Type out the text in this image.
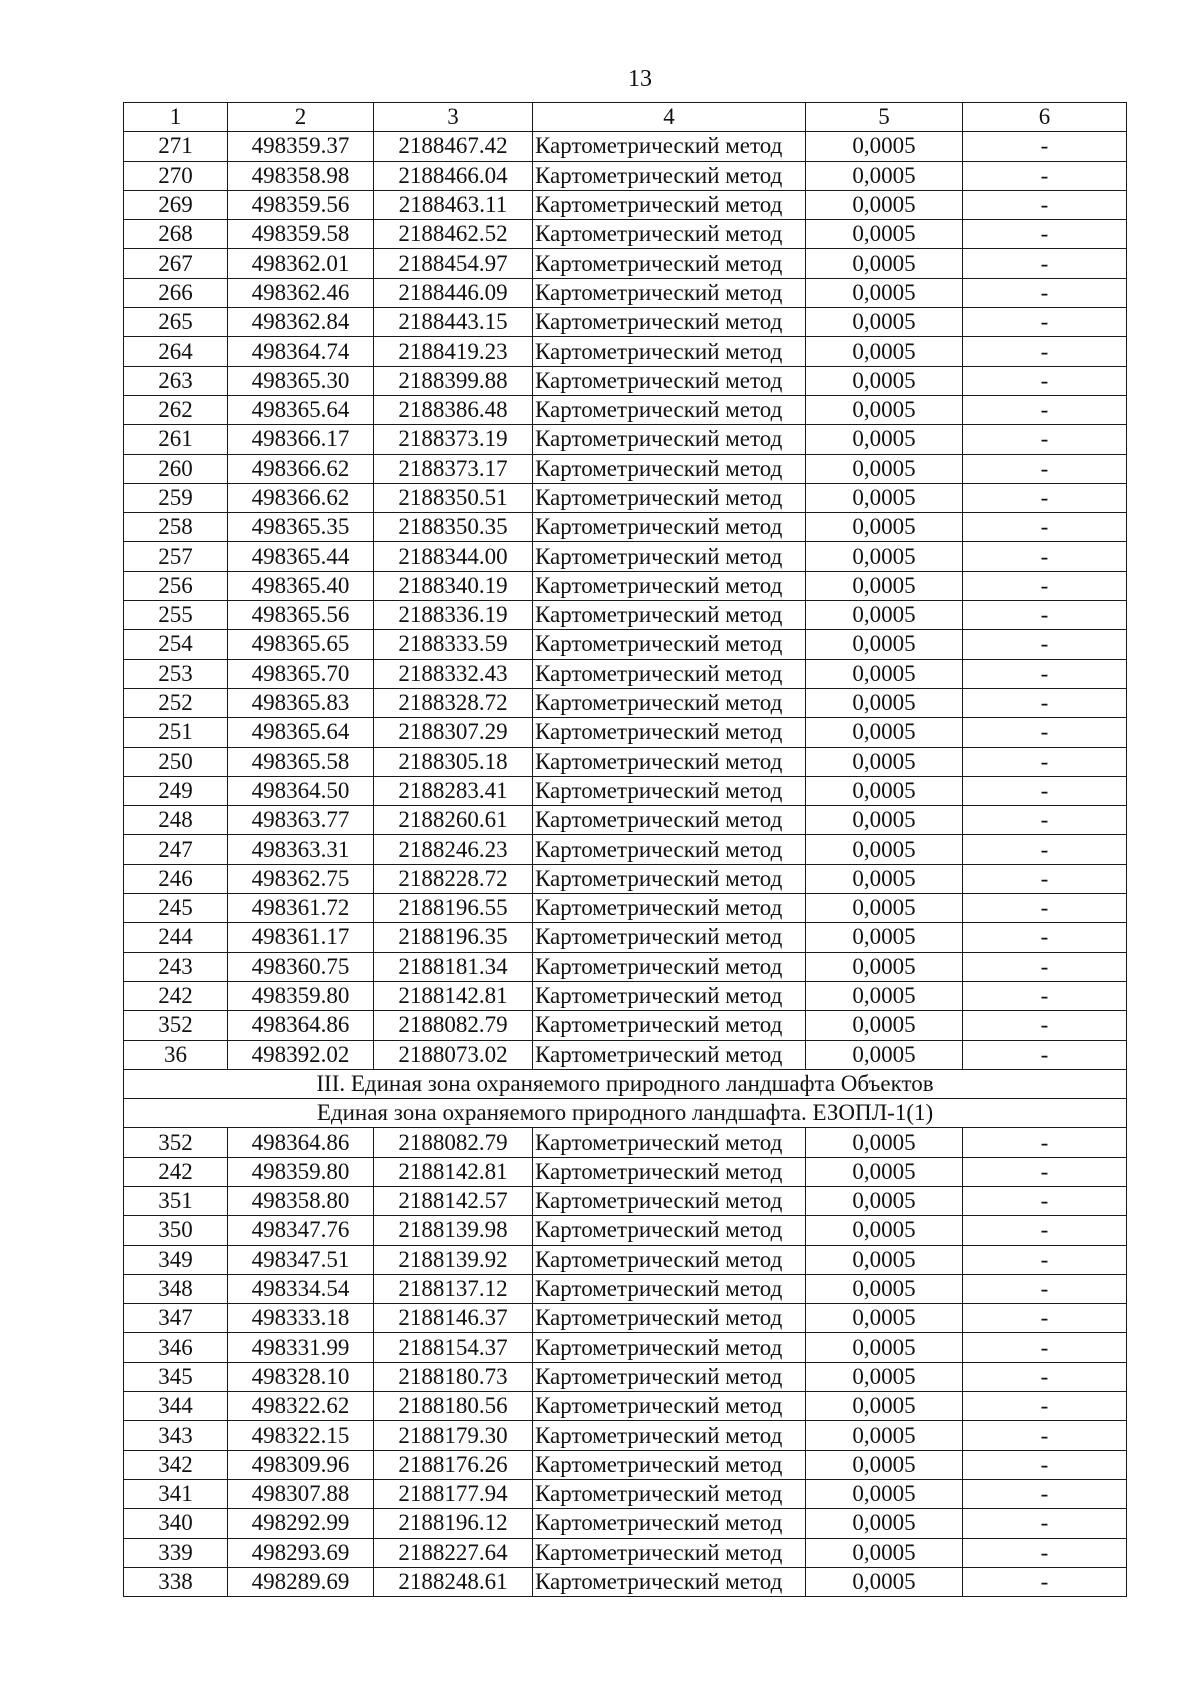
13
1	2	3	4	5	6
271	498359.37	2188467.42	Картометрический метод	0,0005	-
270	498358.98	2188466.04	Картометрический метод	0,0005	-
269	498359.56	2188463.11	Картометрический метод	0,0005	-
268	498359.58	2188462.52	Картометрический метод	0,0005	-
267	498362.01	2188454.97	Картометрический метод	0,0005	-
266	498362.46	2188446.09	Картометрический метод	0,0005	-
265	498362.84	2188443.15	Картометрический метод	0,0005	-
264	498364.74	2188419.23	Картометрический метод	0,0005	-
263	498365.30	2188399.88	Картометрический метод	0,0005	-
262	498365.64	2188386.48	Картометрический метод	0,0005	-
261	498366.17	2188373.19	Картометрический метод	0,0005	-
260	498366.62	2188373.17	Картометрический метод	0,0005	-
259	498366.62	2188350.51	Картометрический метод	0,0005	-
258	498365.35	2188350.35	Картометрический метод	0,0005	-
257	498365.44	2188344.00	Картометрический метод	0,0005	-
256	498365.40	2188340.19	Картометрический метод	0,0005	-
255	498365.56	2188336.19	Картометрический метод	0,0005	-
254	498365.65	2188333.59	Картометрический метод	0,0005	-
253	498365.70	2188332.43	Картометрический метод	0,0005	-
252	498365.83	2188328.72	Картометрический метод	0,0005	-
251	498365.64	2188307.29	Картометрический метод	0,0005	-
250	498365.58	2188305.18	Картометрический метод	0,0005	-
249	498364.50	2188283.41	Картометрический метод	0,0005	-
248	498363.77	2188260.61	Картометрический метод	0,0005	-
247	498363.31	2188246.23	Картометрический метод	0,0005	-
246	498362.75	2188228.72	Картометрический метод	0,0005	-
245	498361.72	2188196.55	Картометрический метод	0,0005	-
244	498361.17	2188196.35	Картометрический метод	0,0005	-
243	498360.75	2188181.34	Картометрический метод	0,0005	-
242	498359.80	2188142.81	Картометрический метод	0,0005	-
352	498364.86	2188082.79	Картометрический метод	0,0005	-
36	498392.02	2188073.02	Картометрический метод	0,0005	-
III. Единая зона охраняемого природного ландшафта Объектов					
Единая зона охраняемого природного ландшафта. ЕЗОПЛ-1(1)					
352	498364.86	2188082.79	Картометрический метод	0,0005	-
242	498359.80	2188142.81	Картометрический метод	0,0005	-
351	498358.80	2188142.57	Картометрический метод	0,0005	-
350	498347.76	2188139.98	Картометрический метод	0,0005	-
349	498347.51	2188139.92	Картометрический метод	0,0005	-
348	498334.54	2188137.12	Картометрический метод	0,0005	-
347	498333.18	2188146.37	Картометрический метод	0,0005	-
346	498331.99	2188154.37	Картометрический метод	0,0005	-
345	498328.10	2188180.73	Картометрический метод	0,0005	-
344	498322.62	2188180.56	Картометрический метод	0,0005	-
343	498322.15	2188179.30	Картометрический метод	0,0005	-
342	498309.96	2188176.26	Картометрический метод	0,0005	-
341	498307.88	2188177.94	Картометрический метод	0,0005	-
340	498292.99	2188196.12	Картометрический метод	0,0005	-
339	498293.69	2188227.64	Картометрический метод	0,0005	-
338	498289.69	2188248.61	Картометрический метод	0,0005	-
